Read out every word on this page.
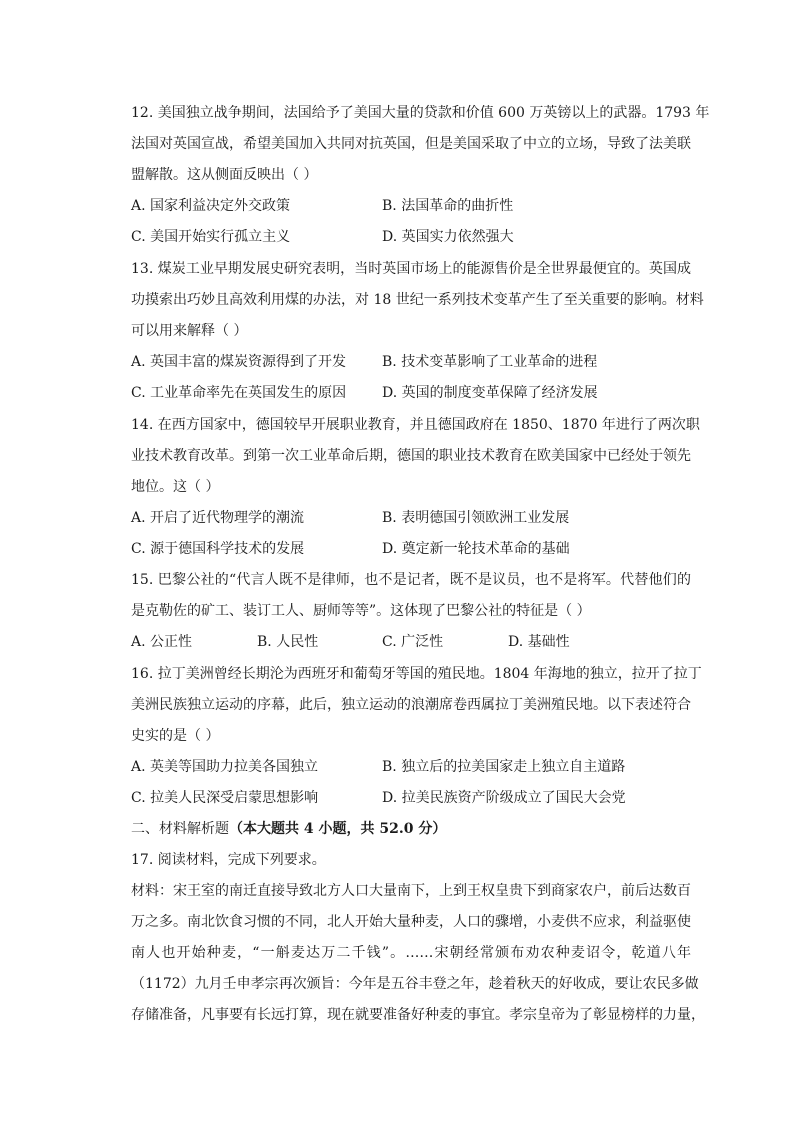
12. 美国独立战争期间，法国给予了美国大量的贷款和价值 600 万英镑以上的武器。1793 年
法国对英国宣战，希望美国加入共同对抗英国，但是美国采取了中立的立场，导致了法美联
盟解散。这从侧面反映出（ ）
A. 国家利益决定外交政策	B. 法国革命的曲折性
C. 美国开始实行孤立主义	D. 英国实力依然强大
13. 煤炭工业早期发展史研究表明，当时英国市场上的能源售价是全世界最便宜的。英国成
功摸索出巧妙且高效利用煤的办法，对 18 世纪一系列技术变革产生了至关重要的影响。材料
可以用来解释（ ）
A. 英国丰富的煤炭资源得到了开发	B. 技术变革影响了工业革命的进程
C. 工业革命率先在英国发生的原因	D. 英国的制度变革保障了经济发展
14. 在西方国家中，德国较早开展职业教育，并且德国政府在 1850、1870 年进行了两次职
业技术教育改革。到第一次工业革命后期，德国的职业技术教育在欧美国家中已经处于领先
地位。这（ ）
A. 开启了近代物理学的潮流	B. 表明德国引领欧洲工业发展
C. 源于德国科学技术的发展	D. 奠定新一轮技术革命的基础
15. 巴黎公社的“代言人既不是律师，也不是记者，既不是议员，也不是将军。代替他们的
是克勒佐的矿工、装订工人、厨师等等”。这体现了巴黎公社的特征是（ ）
A. 公正性	B. 人民性	C. 广泛性	D. 基础性
16. 拉丁美洲曾经长期沦为西班牙和葡萄牙等国的殖民地。1804 年海地的独立，拉开了拉丁
美洲民族独立运动的序幕，此后，独立运动的浪潮席卷西属拉丁美洲殖民地。以下表述符合
史实的是（ ）
A. 英美等国助力拉美各国独立	B. 独立后的拉美国家走上独立自主道路
C. 拉美人民深受启蒙思想影响	D. 拉美民族资产阶级成立了国民大会党
二、材料解析题（本大题共 4 小题，共 52.0 分）
17. 阅读材料，完成下列要求。
材料：宋王室的南迁直接导致北方人口大量南下，上到王权皇贵下到商家农户，前后达数百
万之多。南北饮食习惯的不同，北人开始大量种麦，人口的骤增，小麦供不应求，利益驱使
南人也开始种麦，“一斛麦达万二千钱”。……宋朝经常颁布劝农种麦诏令，乾道八年
（1172）九月壬申孝宗再次颁旨：今年是五谷丰登之年，趁着秋天的好收成，要让农民多做
存储准备，凡事要有长远打算，现在就要准备好种麦的事宜。孝宗皇帝为了彰显榜样的力量，
